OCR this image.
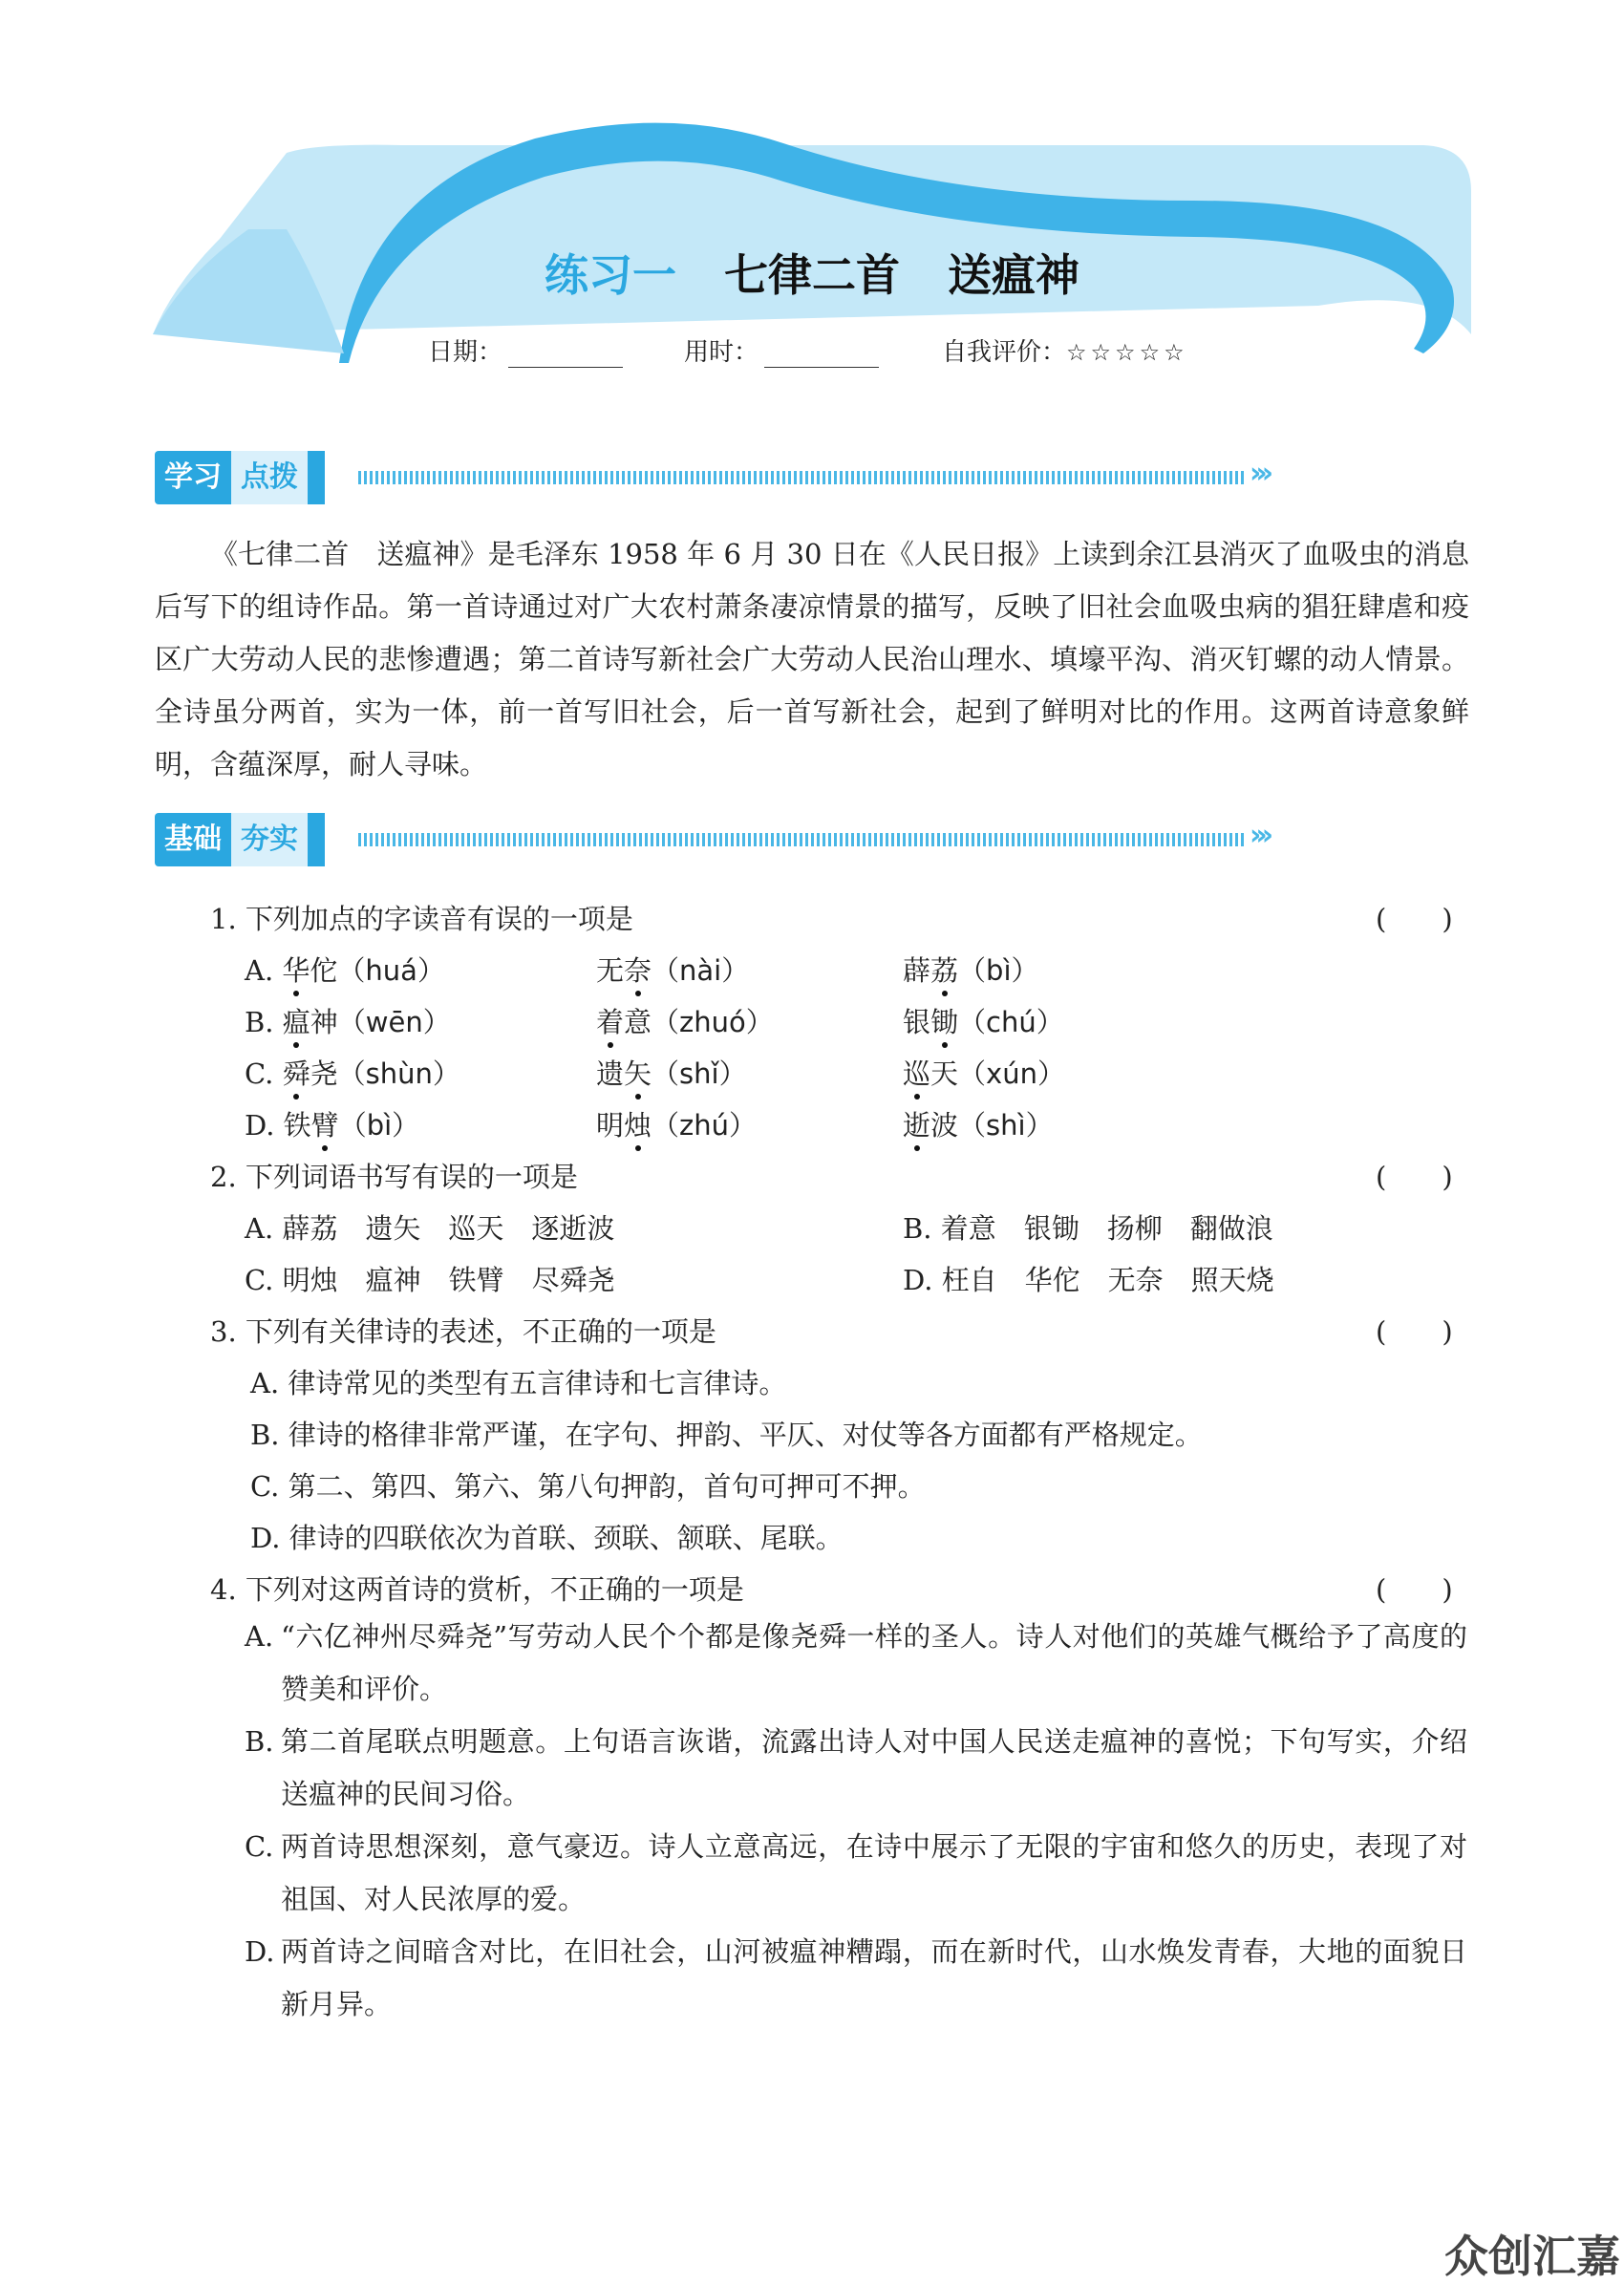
练习一 七律二首 送瘟神
日期：	用时：	自我评价：☆☆☆☆☆
学习 点拨	›››

《七律二首　送瘟神》是毛泽东 1958 年 6 月 30 日在《人民日报》上读到余江县消灭了血吸虫的消息后写下的组诗作品。第一首诗通过对广大农村萧条凄凉情景的描写，反映了旧社会血吸虫病的猖狂肆虐和疫区广大劳动人民的悲惨遭遇；第二首诗写新社会广大劳动人民治山理水、填壕平沟、消灭钉螺的动人情景。全诗虽分两首，实为一体，前一首写旧社会，后一首写新社会，起到了鲜明对比的作用。这两首诗意象鲜明，含蕴深厚，耐人寻味。

基础 夯实	›››
1. 下列加点的字读音有误的一项是	(　　)
A. 华佗（huá）	无奈（nài）	薜荔（bì）
B. 瘟神（wēn）	着意（zhuó）	银锄（chú）
C. 舜尧（shùn）	遗矢（shǐ）	巡天（xún）
D. 铁臂（bì）	明烛（zhú）	逝波（shì）
2. 下列词语书写有误的一项是	(　　)
A. 薜荔　遗矢　巡天　逐逝波	B. 着意　银锄　扬柳　翻做浪
C. 明烛　瘟神　铁臂　尽舜尧	D. 枉自　华佗　无奈　照天烧
3. 下列有关律诗的表述，不正确的一项是	(　　)
A. 律诗常见的类型有五言律诗和七言律诗。
B. 律诗的格律非常严谨，在字句、押韵、平仄、对仗等各方面都有严格规定。
C. 第二、第四、第六、第八句押韵，首句可押可不押。
D. 律诗的四联依次为首联、颈联、颔联、尾联。
4. 下列对这两首诗的赏析，不正确的一项是	(　　)
A. “六亿神州尽舜尧”写劳动人民个个都是像尧舜一样的圣人。诗人对他们的英雄气概给予了高度的赞美和评价。
B. 第二首尾联点明题意。上句语言诙谐，流露出诗人对中国人民送走瘟神的喜悦；下句写实，介绍送瘟神的民间习俗。
C. 两首诗思想深刻，意气豪迈。诗人立意高远，在诗中展示了无限的宇宙和悠久的历史，表现了对祖国、对人民浓厚的爱。
D. 两首诗之间暗含对比，在旧社会，山河被瘟神糟蹋，而在新时代，山水焕发青春，大地的面貌日新月异。
众创汇嘉
